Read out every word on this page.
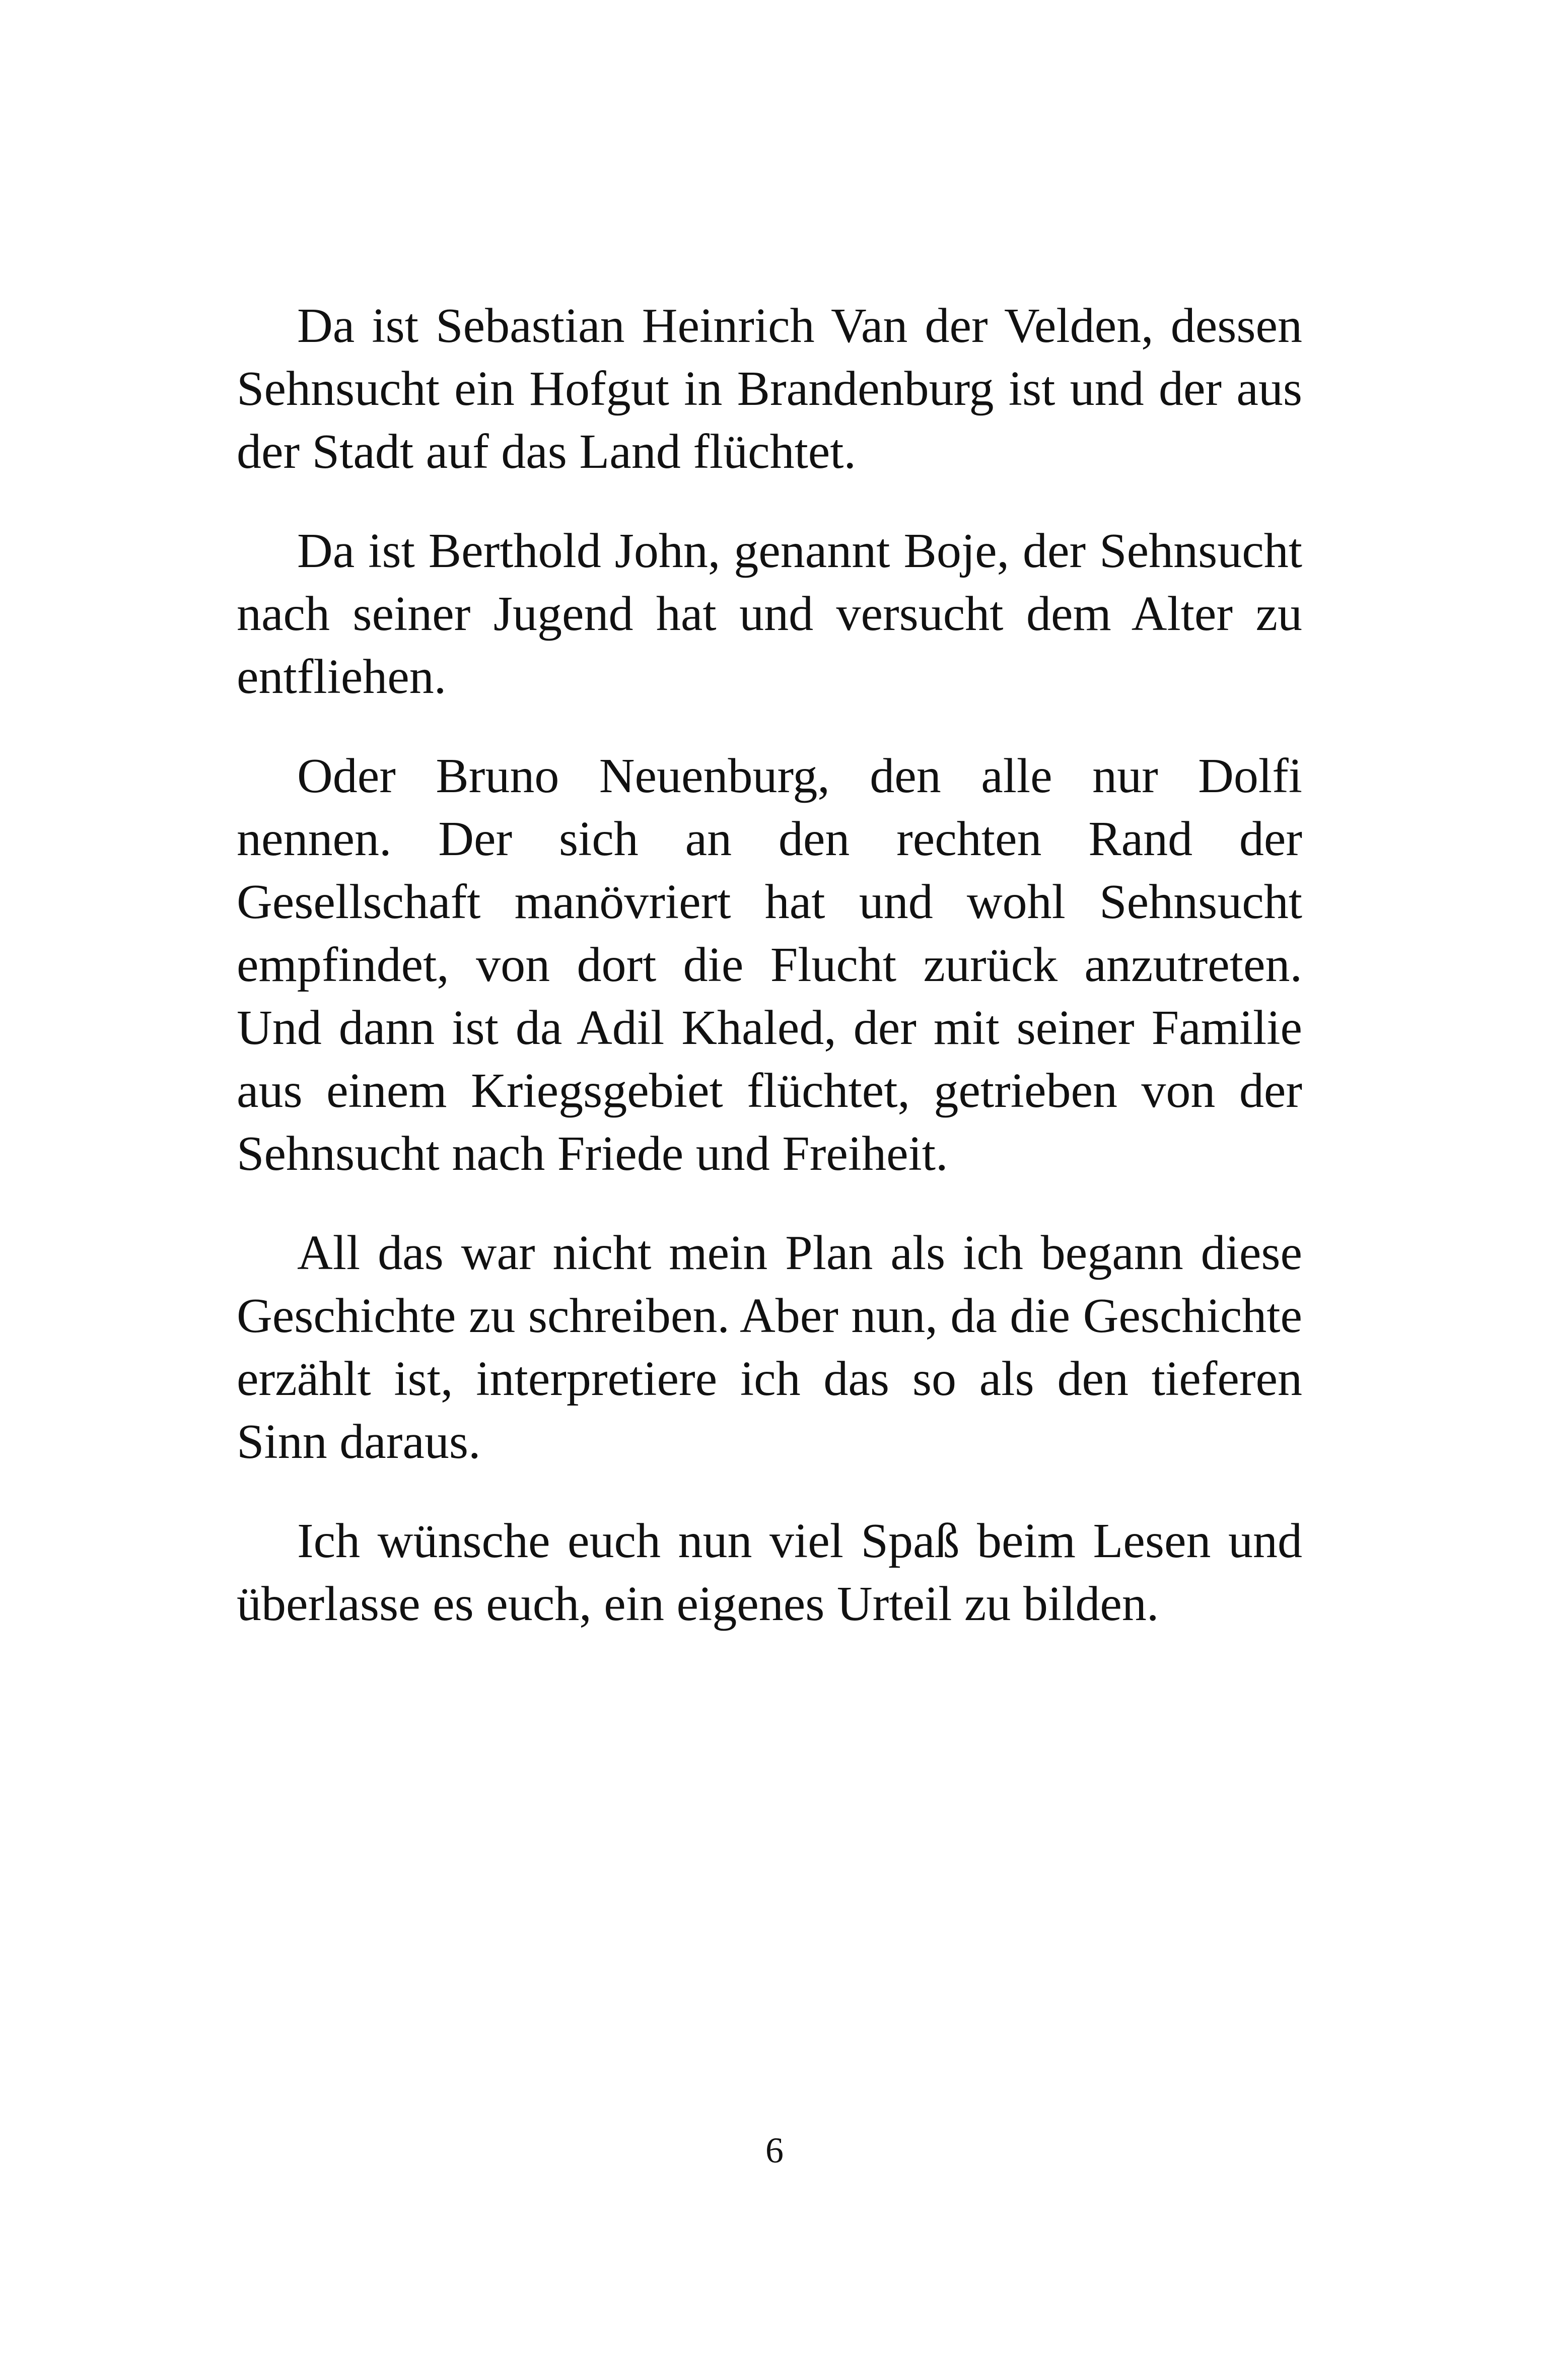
Da ist Sebastian Heinrich Van der Velden, dessen Sehnsucht ein Hofgut in Brandenburg ist und der aus der Stadt auf das Land flüchtet.

Da ist Berthold John, genannt Boje, der Sehnsucht nach seiner Jugend hat und versucht dem Alter zu entfliehen.

Oder Bruno Neuenburg, den alle nur Dolfi nennen. Der sich an den rechten Rand der Gesellschaft manövriert hat und wohl Sehnsucht empfindet, von dort die Flucht zurück anzutreten. Und dann ist da Adil Khaled, der mit seiner Familie aus einem Kriegsgebiet flüchtet, getrieben von der Sehnsucht nach Friede und Freiheit.

All das war nicht mein Plan als ich begann diese Geschichte zu schreiben. Aber nun, da die Geschichte erzählt ist, interpretiere ich das so als den tieferen Sinn daraus.

Ich wünsche euch nun viel Spaß beim Lesen und überlasse es euch, ein eigenes Urteil zu bilden.

6
